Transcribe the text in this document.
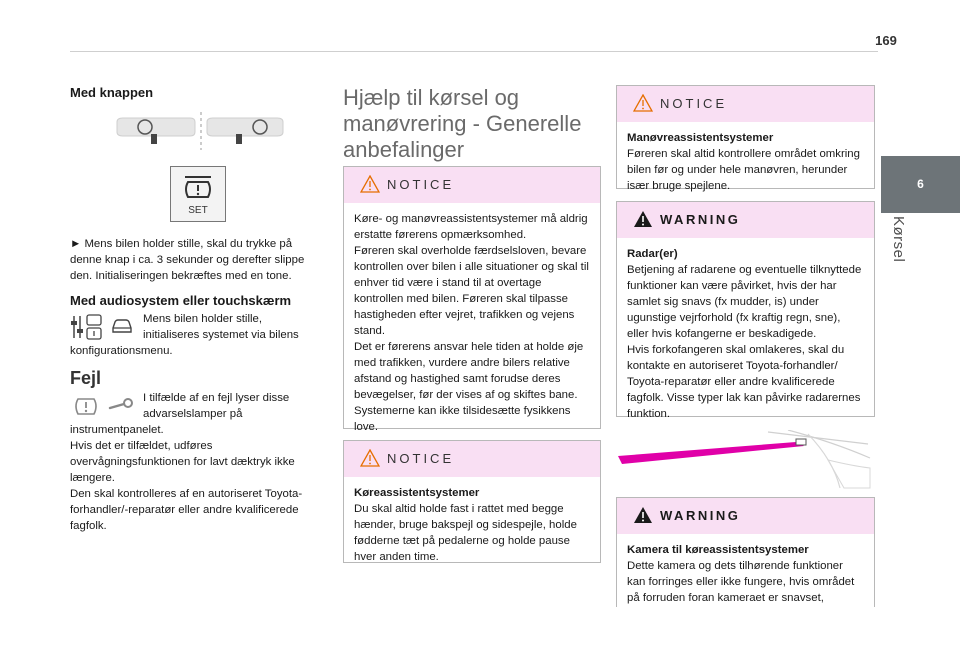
169
6
Kørsel
Med knappen
SET
► Mens bilen holder stille, skal du trykke på denne knap i ca. 3 sekunder og derefter slippe den. Initialiseringen bekræftes med en tone.
Med audiosystem eller touchskærm

Mens bilen holder stille,

initialiseres systemet via bilens

konfigurationsmenu.
Fejl

I tilfælde af en fejl lyser disse

advarselslamper på

instrumentpanelet.

Hvis det er tilfældet, udføres overvågningsfunktionen for lavt dæktryk ikke længere.

Den skal kontrolleres af en autoriseret Toyota-forhandler/-reparatør eller andre kvalificerede fagfolk.

Hjælp til kørsel og manøvrering - Generelle anbefalinger
NOTICE

Køre- og manøvreassistentsystemer må aldrig erstatte førerens opmærksomhed.

Føreren skal overholde færdselsloven, bevare kontrollen over bilen i alle situationer og skal til enhver tid være i stand til at overtage kontrollen med bilen. Føreren skal tilpasse hastigheden efter vejret, trafikken og vejens stand.

Det er førerens ansvar hele tiden at holde øje med trafikken, vurdere andre bilers relative afstand og hastighed samt forudse deres bevægelser, før der vises af og skiftes bane.

Systemerne kan ikke tilsidesætte fysikkens love.

NOTICE

Køreassistentsystemer

Du skal altid holde fast i rattet med begge hænder, bruge bakspejl og sidespejle, holde fødderne tæt på pedalerne og holde pause hver anden time.

NOTICE

Manøvreassistentsystemer

Føreren skal altid kontrollere området omkring bilen før og under hele manøvren, herunder især bruge spejlene.

WARNING

Radar(er)

Betjening af radarene og eventuelle tilknyttede funktioner kan være påvirket, hvis der har samlet sig snavs (fx mudder, is) under ugunstige vejrforhold (fx kraftig regn, sne), eller hvis kofangerne er beskadigede.

Hvis forkofangeren skal omlakeres, skal du kontakte en autoriseret Toyota-forhandler/ Toyota-reparatør eller andre kvalificerede fagfolk. Visse typer lak kan påvirke radarernes funktion.

WARNING

Kamera til køreassistentsystemer

Dette kamera og dets tilhørende funktioner kan forringes eller ikke fungere, hvis området på forruden foran kameraet er snavset,
